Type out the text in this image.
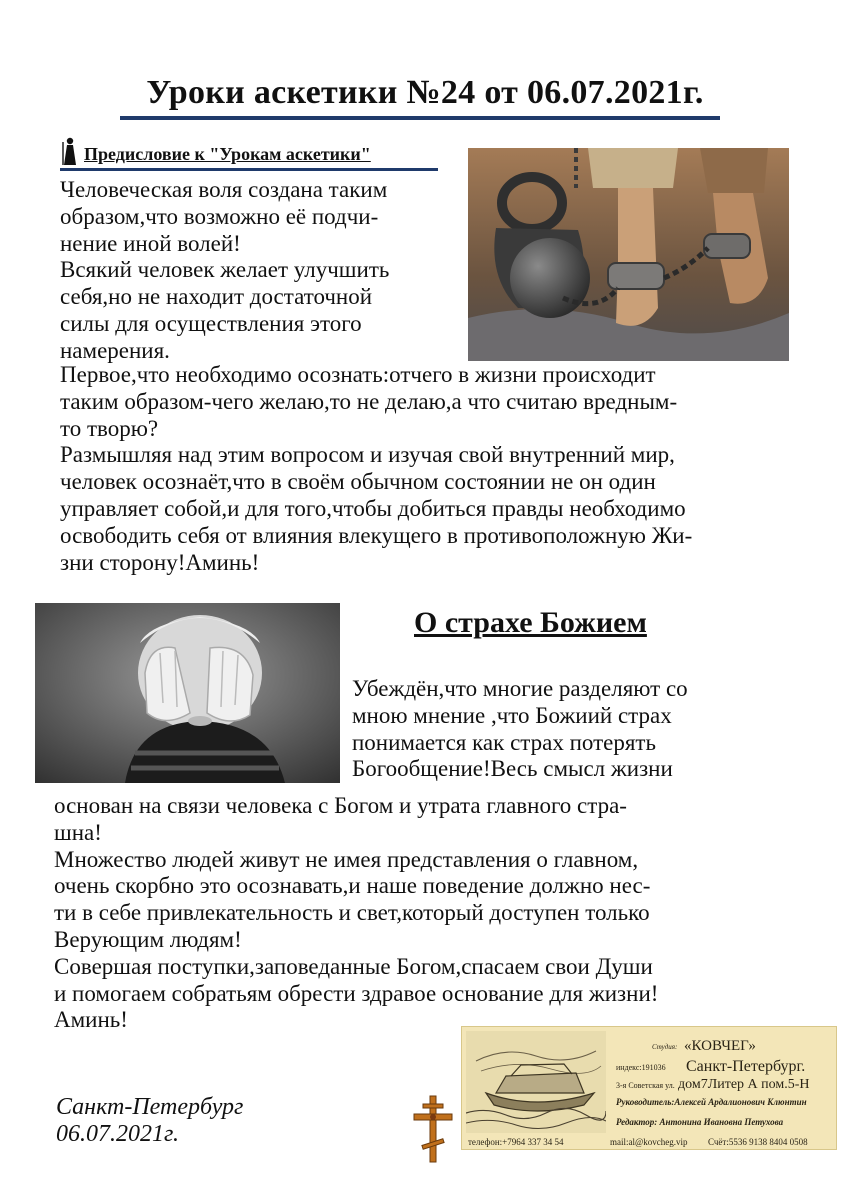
Уроки аскетики №24 от 06.07.2021г.
Предисловие к "Урокам аскетики"
Человеческая воля создана таким
образом,что возможно её подчи-
нение иной волей!
Всякий человек желает улучшить
себя,но не находит достаточной
силы для осуществления этого
намерения.
Первое,что необходимо осознать:отчего в жизни происходит
таким образом-чего желаю,то не делаю,а что считаю вредным-
то творю?
Размышляя над этим вопросом и изучая свой внутренний мир,
человек осознаёт,что в своём обычном состоянии не он один
управляет собой,и для того,чтобы добиться правды необходимо
освободить себя от влияния влекущего в противоположную Жи-
зни сторону!Аминь!
О страхе Божием
Убеждён,что многие разделяют со
мною мнение ,что Божиий страх
понимается как страх потерять
Богообщение!Весь смысл жизни
основан на связи человека с Богом и утрата главного стра-
шна!
Множество людей живут не имея представления о главном,
очень скорбно это осознавать,и наше поведение должно нес-
ти в себе привлекательность и свет,который доступен только
Верующим людям!
Совершая поступки,заповеданные Богом,спасаем свои Души
и помогаем собратьям обрести здравое основание для жизни!
Аминь!
Санкт-Петербург
06.07.2021г.
Студия: «КОВЧЕГ»
индекс:191036 Санкт-Петербург.
3-я Советская ул. дом7Литер А пом.5-Н
Руководитель:Алексей Ардалионович Клюнтин
Редактор: Антонина Ивановна Петухова
телефон:+7964 337 34 54	mail:al@kovcheg.vip Счёт:5536 9138 8404 0508
